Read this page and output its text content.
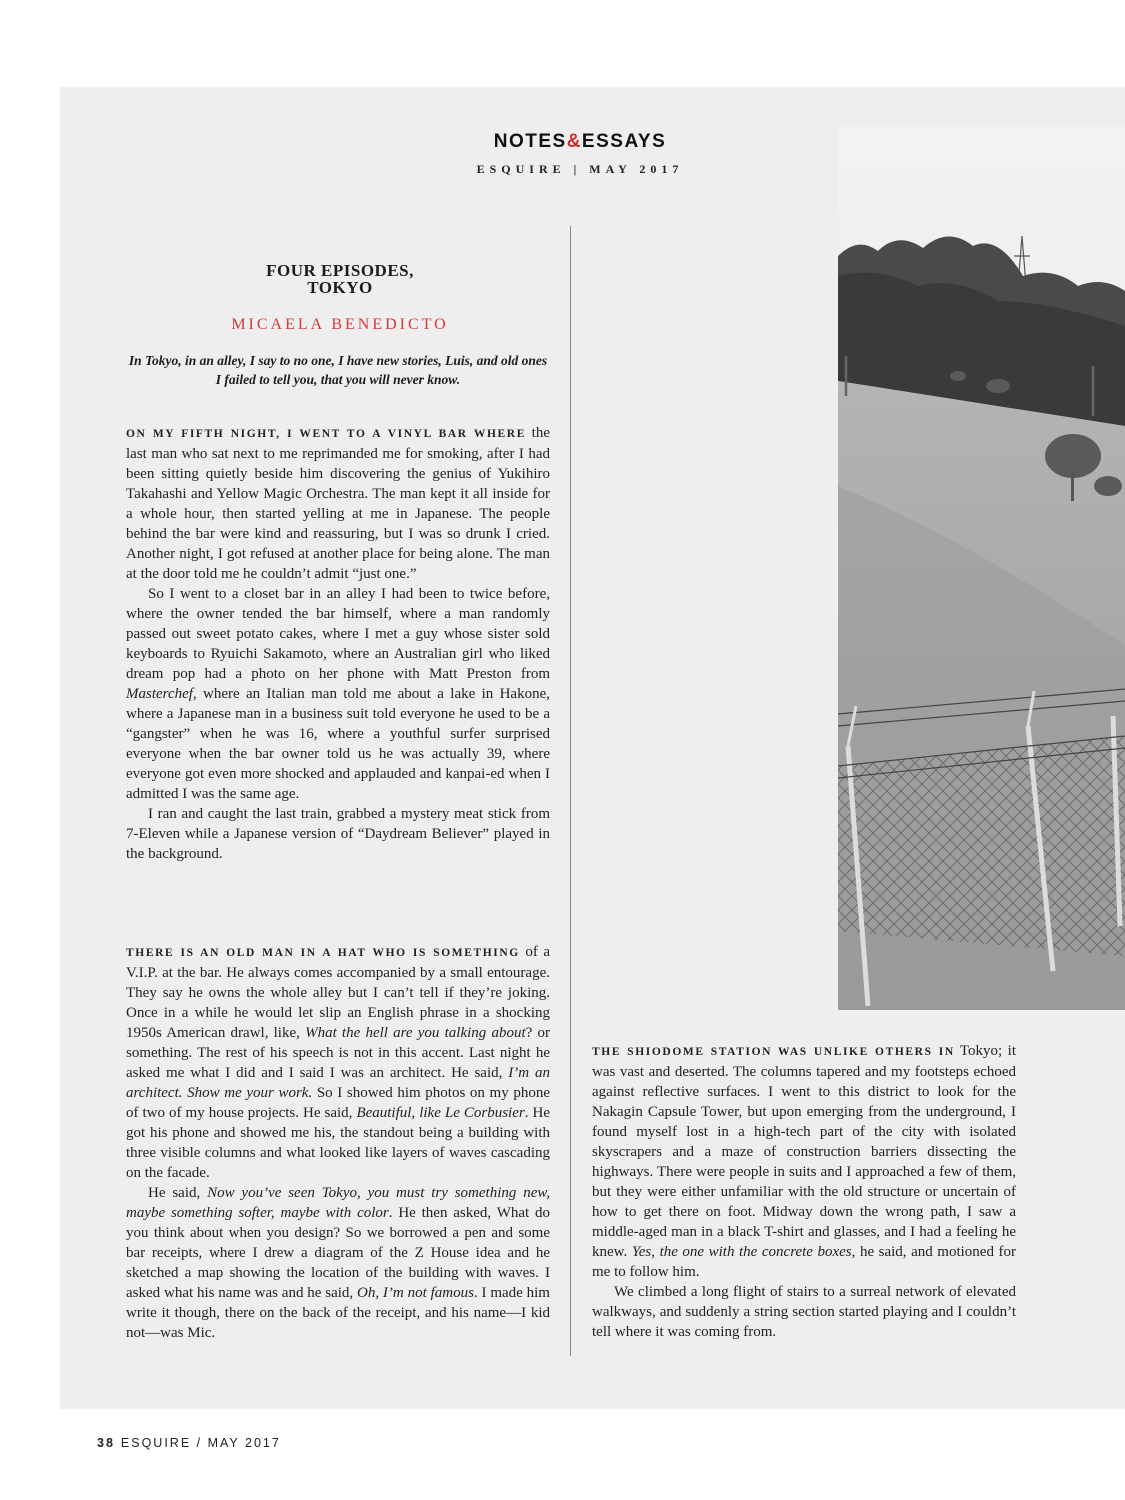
NOTES&ESSAYS
ESQUIRE | MAY 2017
FOUR EPISODES,
TOKYO
MICAELA BENEDICTO
In Tokyo, in an alley, I say to no one, I have new stories, Luis, and old ones I failed to tell you, that you will never know.

ON MY FIFTH NIGHT, I WENT TO A VINYL BAR WHERE the last man who sat next to me reprimanded me for smoking, after I had been sitting quietly beside him discovering the genius of Yukihiro Takahashi and Yellow Magic Orchestra. The man kept it all inside for a whole hour, then started yelling at me in Japanese. The people behind the bar were kind and reassuring, but I was so drunk I cried. Another night, I got refused at another place for being alone. The man at the door told me he couldn’t admit “just one.”

So I went to a closet bar in an alley I had been to twice before, where the owner tended the bar himself, where a man randomly passed out sweet potato cakes, where I met a guy whose sister sold keyboards to Ryuichi Sakamoto, where an Australian girl who liked dream pop had a photo on her phone with Matt Preston from Masterchef, where an Italian man told me about a lake in Hakone, where a Japanese man in a business suit told everyone he used to be a “gangster” when he was 16, where a youthful surfer surprised everyone when the bar owner told us he was actually 39, where everyone got even more shocked and applauded and kanpai-ed when I admitted I was the same age.

I ran and caught the last train, grabbed a mystery meat stick from 7-Eleven while a Japanese version of “Daydream Believer” played in the background.

THERE IS AN OLD MAN IN A HAT WHO IS SOMETHING of a V.I.P. at the bar. He always comes accompanied by a small entourage. They say he owns the whole alley but I can’t tell if they’re joking. Once in a while he would let slip an English phrase in a shocking 1950s American drawl, like, What the hell are you talking about? or something. The rest of his speech is not in this accent. Last night he asked me what I did and I said I was an architect. He said, I’m an architect. Show me your work. So I showed him photos on my phone of two of my house projects. He said, Beautiful, like Le Corbusier. He got his phone and showed me his, the standout being a building with three visible columns and what looked like layers of waves cascading on the facade.

He said, Now you’ve seen Tokyo, you must try something new, maybe something softer, maybe with color. He then asked, What do you think about when you design? So we borrowed a pen and some bar receipts, where I drew a diagram of the Z House idea and he sketched a map showing the location of the building with waves. I asked what his name was and he said, Oh, I’m not famous. I made him write it though, there on the back of the receipt, and his name—I kid not—was Mic.

THE SHIODOME STATION WAS UNLIKE OTHERS IN Tokyo; it was vast and deserted. The columns tapered and my footsteps echoed against reflective surfaces. I went to this district to look for the Nakagin Capsule Tower, but upon emerging from the underground, I found myself lost in a high-tech part of the city with isolated skyscrapers and a maze of construction barriers dissecting the highways. There were people in suits and I approached a few of them, but they were either unfamiliar with the old structure or uncertain of how to get there on foot. Midway down the wrong path, I saw a middle-aged man in a black T-shirt and glasses, and I had a feeling he knew. Yes, the one with the concrete boxes, he said, and motioned for me to follow him.

We climbed a long flight of stairs to a surreal network of elevated walkways, and suddenly a string section started playing and I couldn’t tell where it was coming from.

38 ESQUIRE / MAY 2017
